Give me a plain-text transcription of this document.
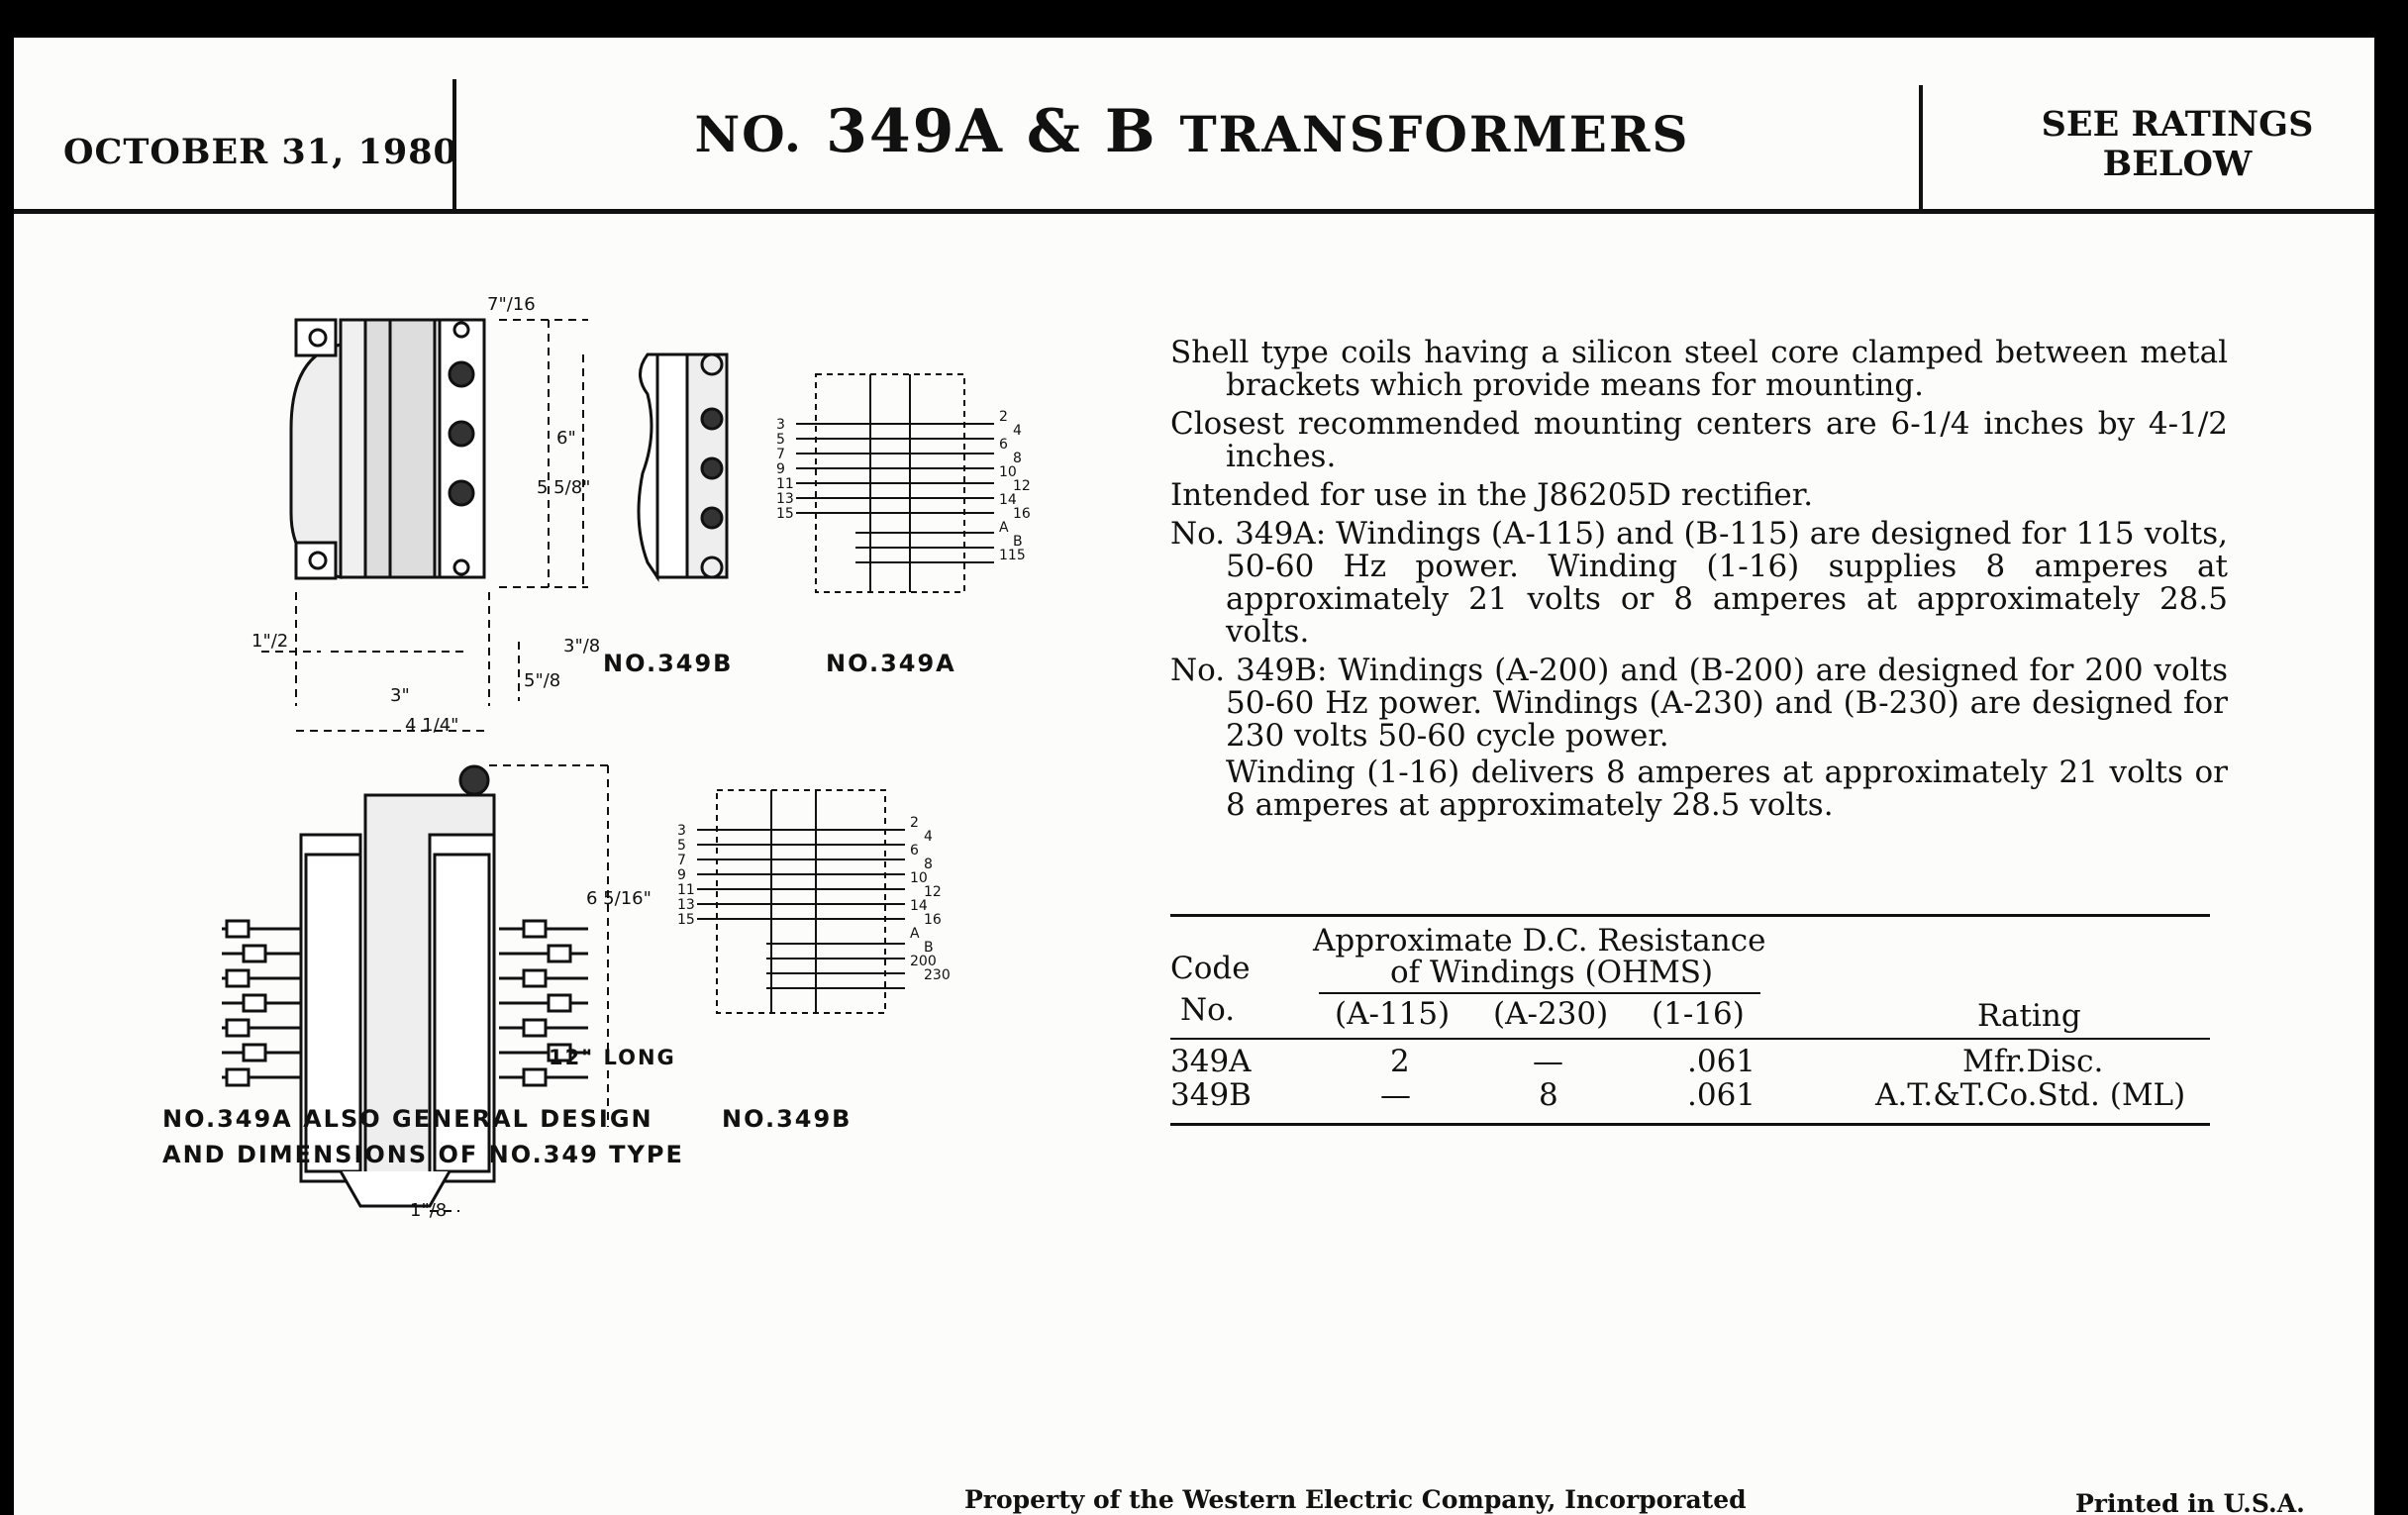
OCTOBER 31, 1980	NO. 349A & B TRANSFORMERS	SEE RATINGS
BELOW
7"/16
6"
5 5/8"
3"/8
1"/2
3"
5"/8
4 1/4"
6 5/16"
1"/8
3
5
7
9
11
13
15
2
4
6
8
10
12
14
16
A
B
115
3
5
7
9
11
13
15
2
4
6
8
10
12
14
16
A
B
200
230
NO.349B	NO.349A
12" LONG
NO.349A ALSO GENERAL DESIGN
AND DIMENSIONS OF NO.349 TYPE
NO.349B

Shell type coils having a silicon steel core clamped between metal brackets which provide means for mounting.

Closest recommended mounting centers are 6-1/4 inches by 4-1/2 inches.

Intended for use in the J86205D rectifier.

No. 349A: Windings (A-115) and (B-115) are designed for 115 volts, 50-60 Hz power. Winding (1-16) supplies 8 amperes at approximately 21 volts or 8 amperes at approximately 28.5 volts.

No. 349B: Windings (A-200) and (B-200) are designed for 200 volts 50-60 Hz power. Windings (A-230) and (B-230) are designed for 230 volts 50-60 cycle power.

Winding (1-16) delivers 8 amperes at approximately 21 volts or 8 amperes at approximately 28.5 volts.

Approximate D.C. Resistance
of Windings (OHMS)
Code
No.	(A-115) (A-230) (1-16)	Rating
349A	2	—	.061	Mfr.Disc.
349B	—	8	.061	A.T.&T.Co.Std. (ML)
Property of the Western Electric Company, Incorporated	Printed in U.S.A.
